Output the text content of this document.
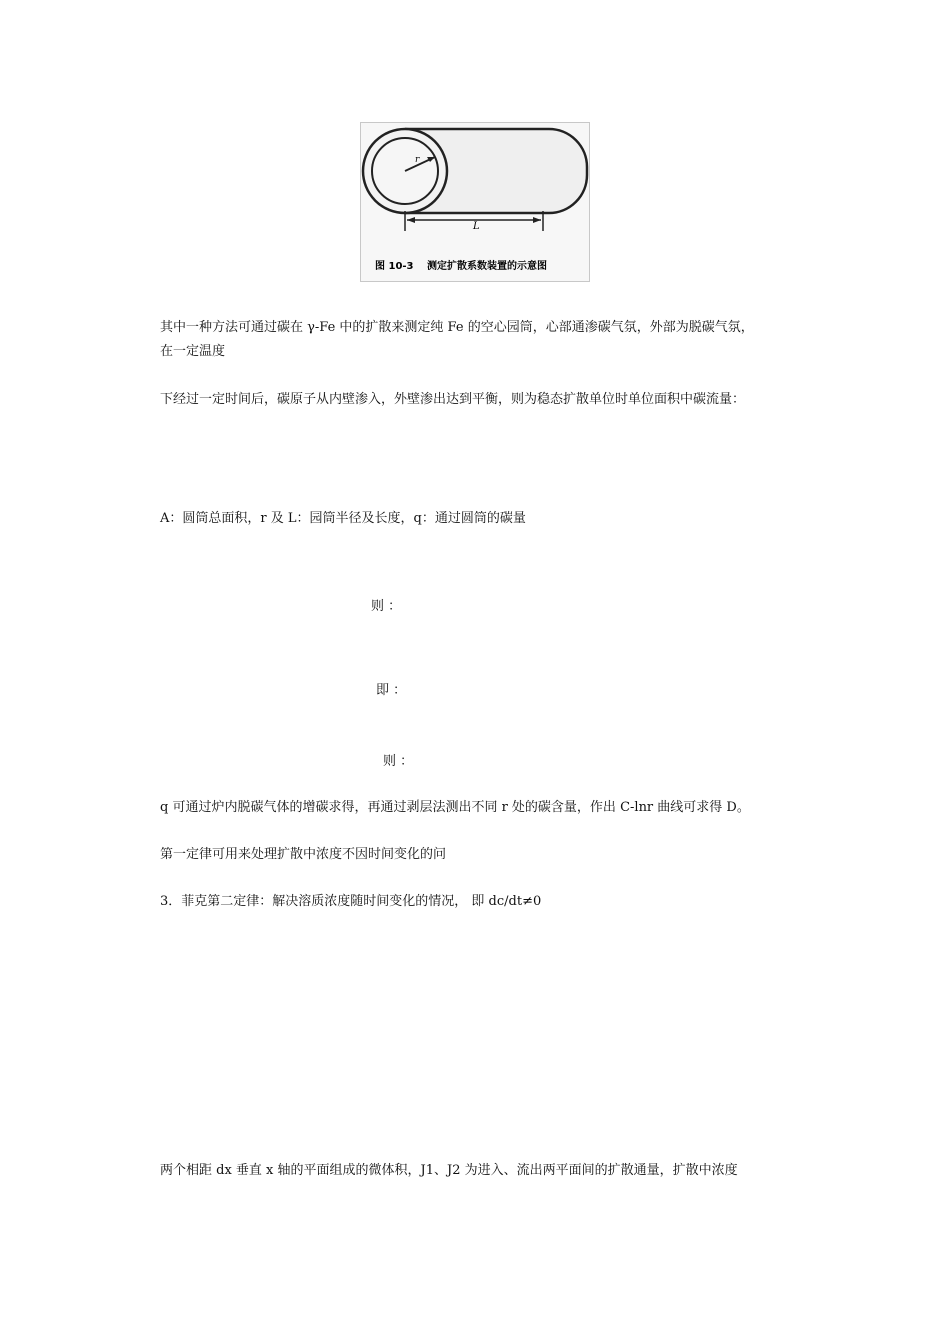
r
L
图 10-3 测定扩散系数装置的示意图
其中一种方法可通过碳在 γ-Fe 中的扩散来测定纯 Fe 的空心园筒，心部通渗碳气氛，外部为脱碳气氛，
在一定温度
下经过一定时间后，碳原子从内壁渗入，外壁渗出达到平衡，则为稳态扩散单位时单位面积中碳流量：
A：圆筒总面积，r 及 L：园筒半径及长度，q：通过圆筒的碳量
则 ：
即 ：
则 ：
q 可通过炉内脱碳气体的增碳求得，再通过剥层法测出不同 r 处的碳含量，作出 C-lnr 曲线可求得 D。
第一定律可用来处理扩散中浓度不因时间变化的问
3．菲克第二定律：解决溶质浓度随时间变化的情况， 即 dc/dt≠0
两个相距 dx 垂直 x 轴的平面组成的微体积，J1、J2 为进入、流出两平面间的扩散通量，扩散中浓度
